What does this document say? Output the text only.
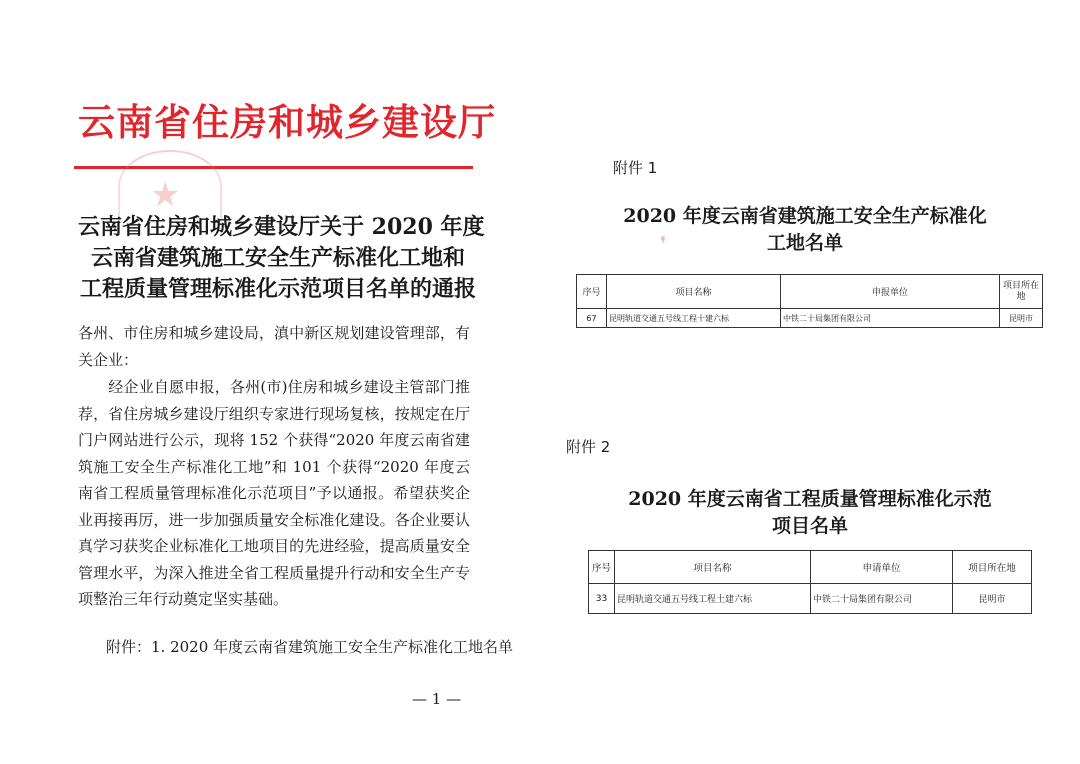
云南省住房和城乡建设厅
★
云南省住房和城乡建设厅关于 2020 年度
云南省建筑施工安全生产标准化工地和
工程质量管理标准化示范项目名单的通报
各州、市住房和城乡建设局，滇中新区规划建设管理部，有关企业：
经企业自愿申报，各州(市)住房和城乡建设主管部门推荐，省住房城乡建设厅组织专家进行现场复核，按规定在厅门户网站进行公示，现将 152 个获得“2020 年度云南省建筑施工安全生产标准化工地”和 101 个获得“2020 年度云南省工程质量管理标准化示范项目”予以通报。希望获奖企业再接再厉，进一步加强质量安全标准化建设。各企业要认真学习获奖企业标准化工地项目的先进经验，提高质量安全管理水平，为深入推进全省工程质量提升行动和安全生产专项整治三年行动奠定坚实基础。
附件：1. 2020 年度云南省建筑施工安全生产标准化工地名单
— 1 —
附件 1
2020 年度云南省建筑施工安全生产标准化
工地名单
❜
序号	项目名称	申报单位	项目所在地
67	昆明轨道交通五号线工程十建六标	中铁二十局集团有限公司	昆明市
附件 2
2020 年度云南省工程质量管理标准化示范
项目名单
序号	项目名称	申请单位	项目所在地
33	昆明轨道交通五号线工程土建六标	中铁二十局集团有限公司	昆明市
